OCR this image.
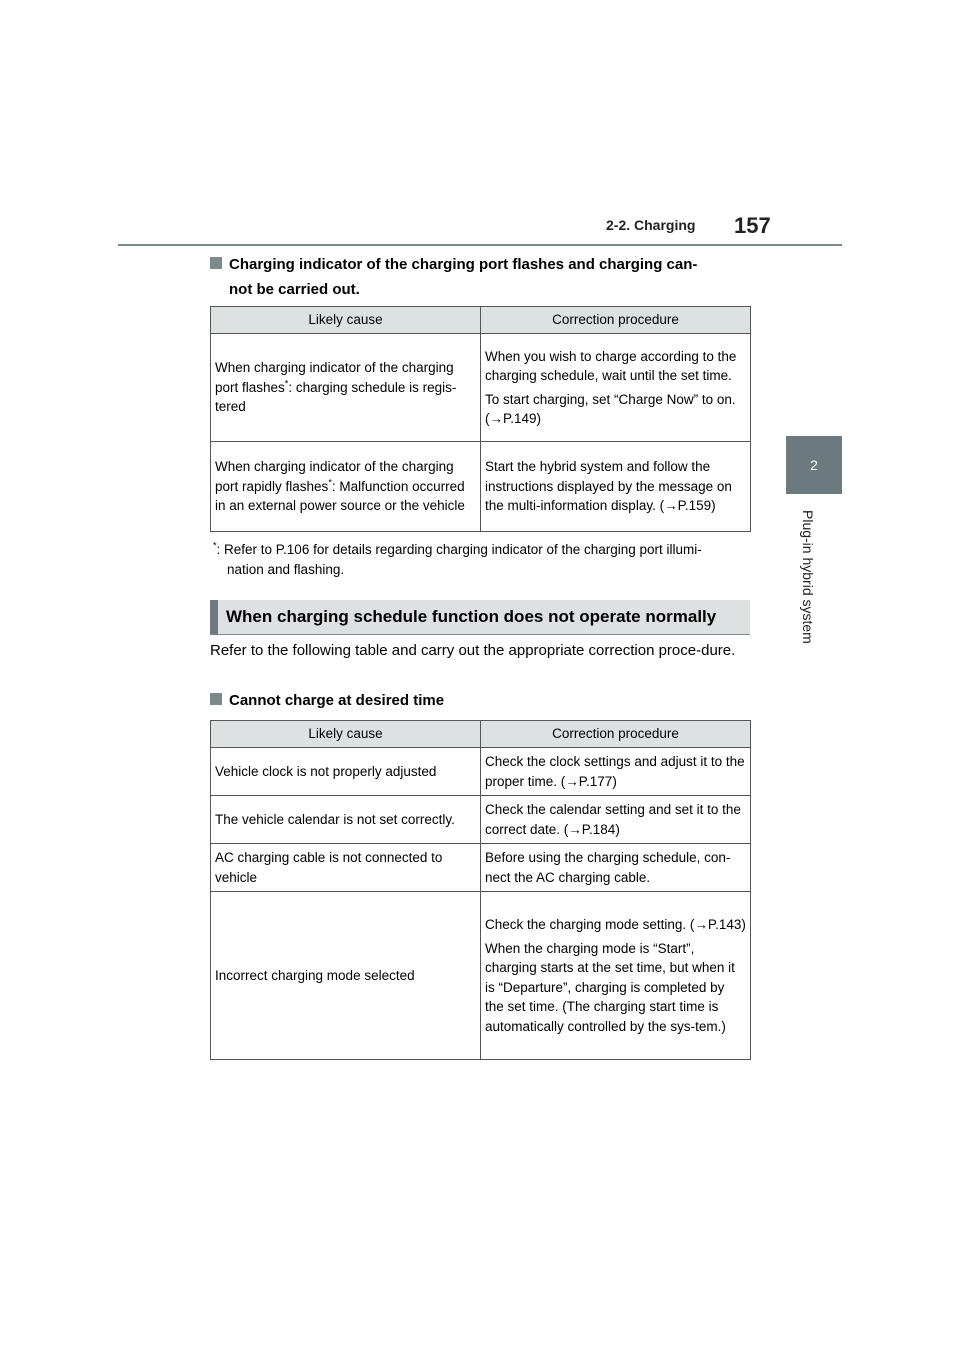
2-2. Charging 157
2
Plug-in hybrid system
Charging indicator of the charging port flashes and charging can-
not be carried out.
Likely cause	Correction procedure
When charging indicator of the charging port flashes*: charging schedule is regis-tered	When you wish to charge according to the charging schedule, wait until the set time.

To start charging, set “Charge Now” to on. (→P.149)

When charging indicator of the charging port rapidly flashes*: Malfunction occurred in an external power source or the vehicle	Start the hybrid system and follow the instructions displayed by the message on the multi-information display. (→P.159)

*: Refer to P.106 for details regarding charging indicator of the charging port illumi-
nation and flashing.
When charging schedule function does not operate normally
Refer to the following table and carry out the appropriate correction proce-dure.
Cannot charge at desired time
Likely cause	Correction procedure
Vehicle clock is not properly adjusted	Check the clock settings and adjust it to the proper time. (→P.177)

The vehicle calendar is not set correctly.	Check the calendar setting and set it to the correct date. (→P.184)

AC charging cable is not connected to vehicle	Before using the charging schedule, con-nect the AC charging cable.

Incorrect charging mode selected	Check the charging mode setting. (→P.143)

When the charging mode is “Start”, charging starts at the set time, but when it is “Departure”, charging is completed by the set time. (The charging start time is automatically controlled by the sys-tem.)
